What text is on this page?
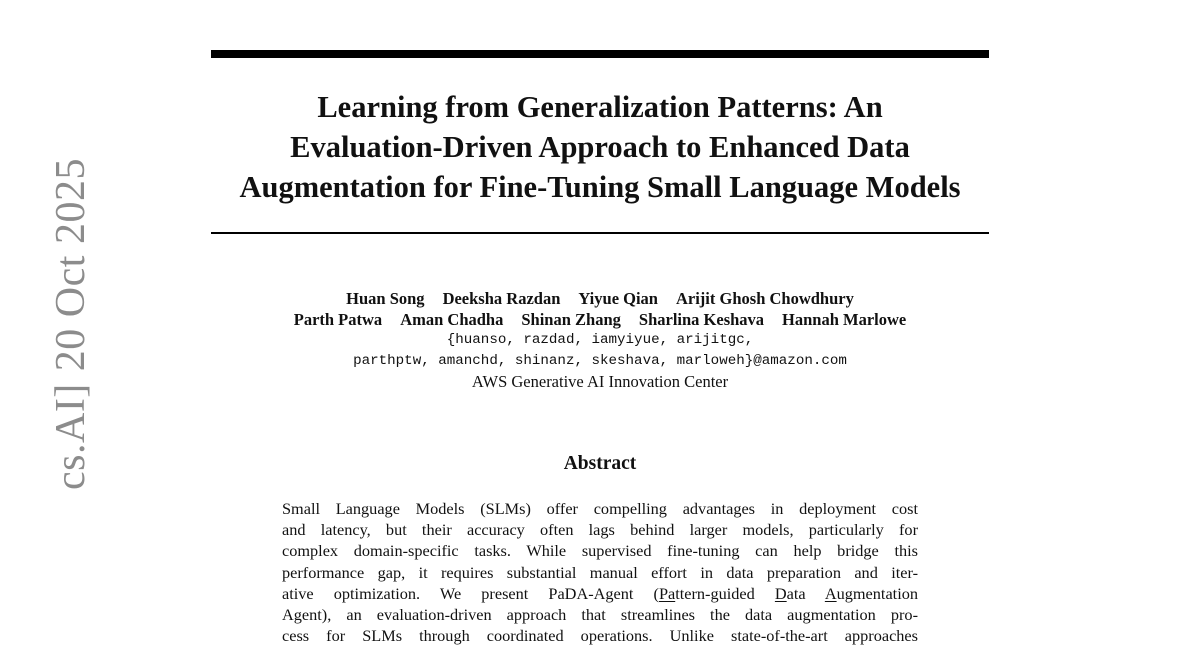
Learning from Generalization Patterns: An
Evaluation-Driven Approach to Enhanced Data
Augmentation for Fine-Tuning Small Language Models
cs.AI]20 Oct 2025	Huan Song Deeksha Razdan Yiyue Qian Arijit Ghosh Chowdhury
Parth Patwa Aman Chadha Shinan Zhang Sharlina Keshava Hannah Marlowe
{huanso, razdad, iamyiyue, arijitgc,
parthptw, amanchd, shinanz, skeshava, marloweh}@amazon.com
AWS Generative AI Innovation Center
Abstract
Small Language Models (SLMs) offer compelling advantages in deployment cost
and latency, but their accuracy often lags behind larger models, particularly for
complex domain-specific tasks. While supervised fine-tuning can help bridge this
performance gap, it requires substantial manual effort in data preparation and iter-
ative optimization. We present PaDA-Agent (Pattern-guided Data Augmentation
Agent), an evaluation-driven approach that streamlines the data augmentation pro-
cess for SLMs through coordinated operations. Unlike state-of-the-art approaches
